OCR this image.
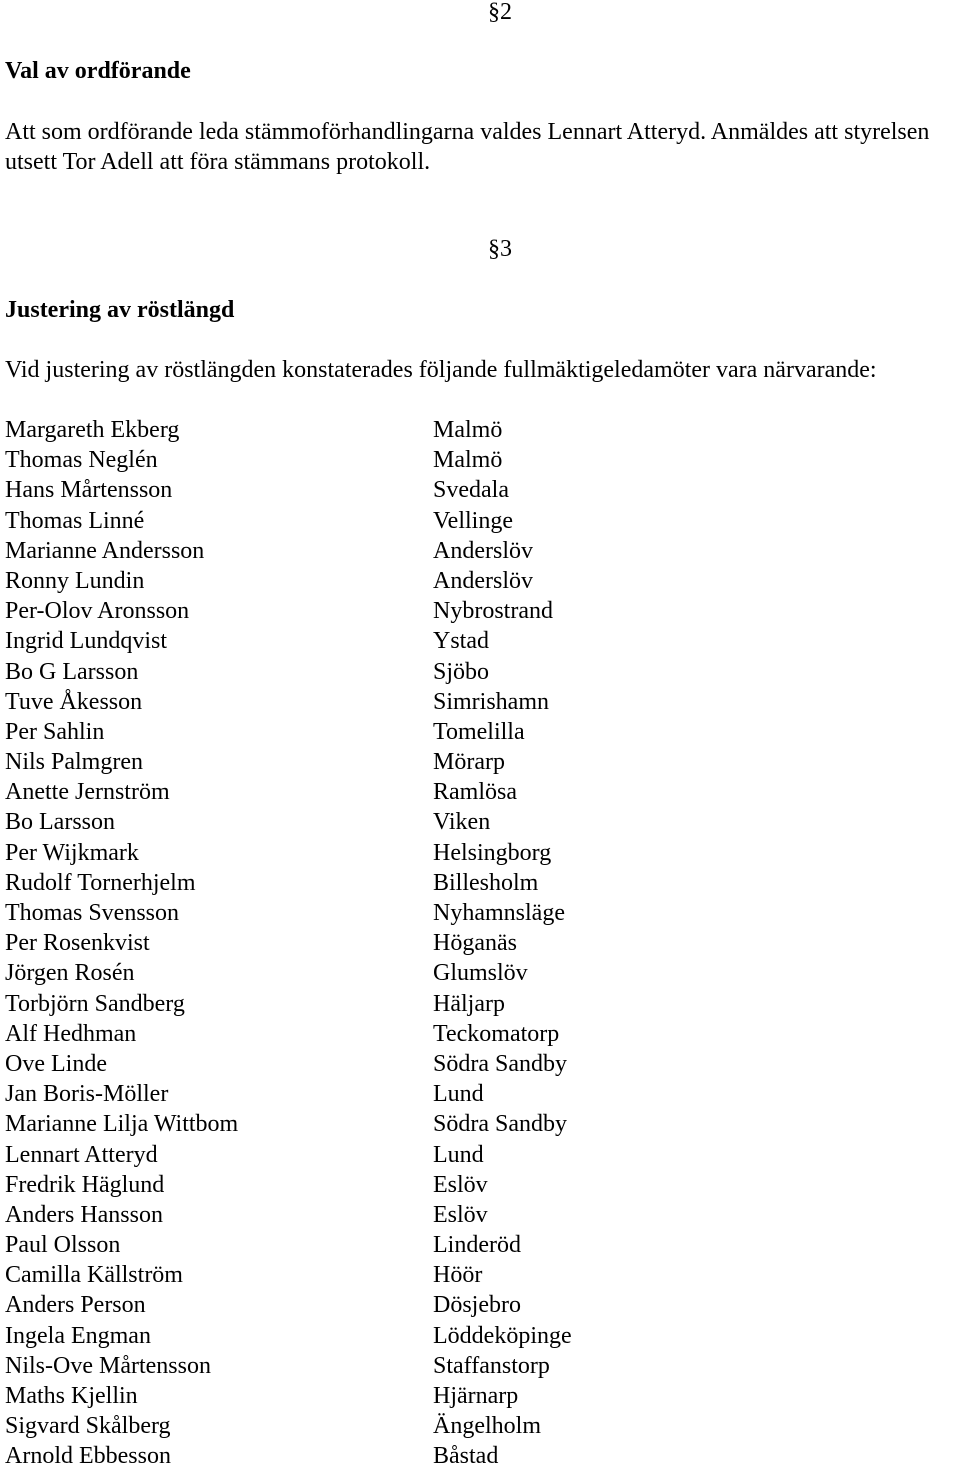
§2
Val av ordförande
Att som ordförande leda stämmoförhandlingarna valdes Lennart Atteryd. Anmäldes att styrelsen utsett Tor Adell att föra stämmans protokoll.
§3
Justering av röstlängd
Vid justering av röstlängden konstaterades följande fullmäktigeledamöter vara närvarande:
Margareth Ekberg	Malmö
Thomas Neglén	Malmö
Hans Mårtensson	Svedala
Thomas Linné	Vellinge
Marianne Andersson	Anderslöv
Ronny Lundin	Anderslöv
Per-Olov Aronsson	Nybrostrand
Ingrid Lundqvist	Ystad
Bo G Larsson	Sjöbo
Tuve Åkesson	Simrishamn
Per Sahlin	Tomelilla
Nils Palmgren	Mörarp
Anette Jernström	Ramlösa
Bo Larsson	Viken
Per Wijkmark	Helsingborg
Rudolf Tornerhjelm	Billesholm
Thomas Svensson	Nyhamnsläge
Per Rosenkvist	Höganäs
Jörgen Rosén	Glumslöv
Torbjörn Sandberg	Häljarp
Alf Hedhman	Teckomatorp
Ove Linde	Södra Sandby
Jan Boris-Möller	Lund
Marianne Lilja Wittbom	Södra Sandby
Lennart Atteryd	Lund
Fredrik Häglund	Eslöv
Anders Hansson	Eslöv
Paul Olsson	Linderöd
Camilla Källström	Höör
Anders Person	Dösjebro
Ingela Engman	Löddeköpinge
Nils-Ove Mårtensson	Staffanstorp
Maths Kjellin	Hjärnarp
Sigvard Skålberg	Ängelholm
Arnold Ebbesson	Båstad
